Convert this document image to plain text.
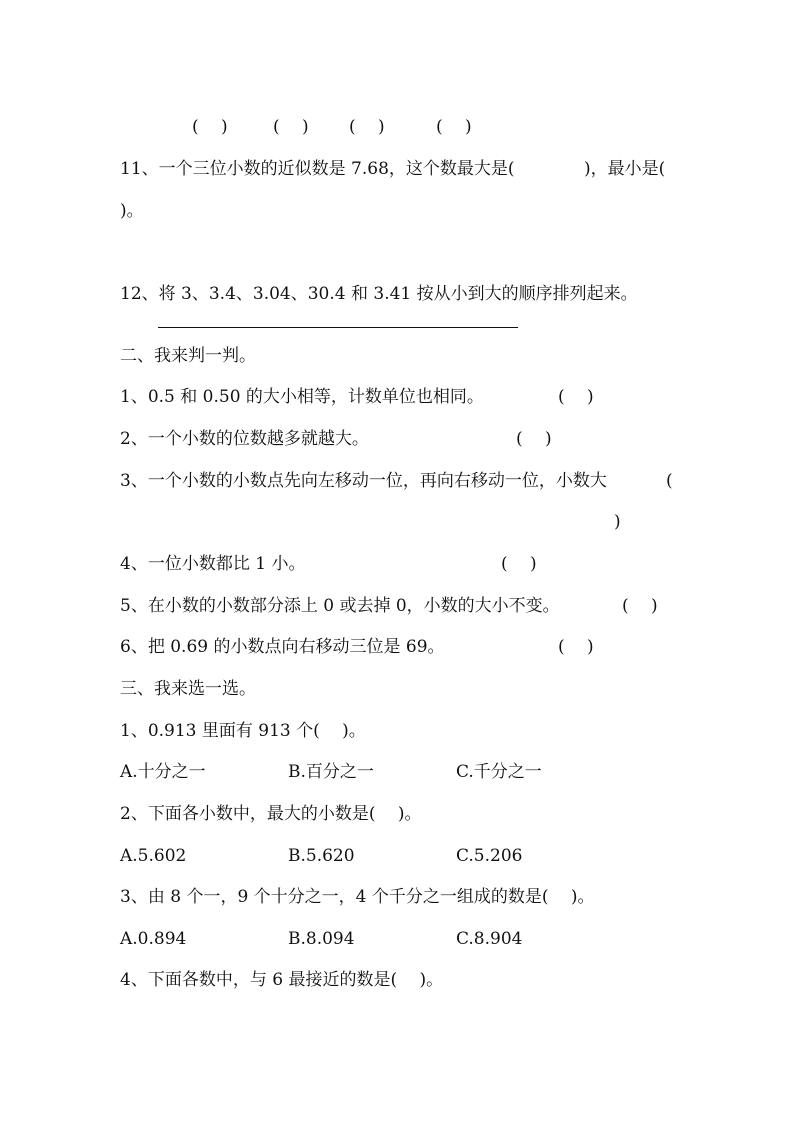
(　 )	(　 ) (　 )	(　 )
11、一个三位小数的近似数是 7.68，这个数最大是(	)，最小是(
)。
12、将 3、3.4、3.04、30.4 和 3.41 按从小到大的顺序排列起来。
二、我来判一判。
1、0.5 和 0.50 的大小相等，计数单位也相同。	(　 )
2、一个小数的位数越多就越大。	(　 )
3、一个小数的小数点先向左移动一位，再向右移动一位，小数大	(
)
4、一位小数都比 1 小。	(　 )
5、在小数的小数部分添上 0 或去掉 0，小数的大小不变。	(　 )
6、把 0.69 的小数点向右移动三位是 69。	(　 )
三、我来选一选。
1、0.913 里面有 913 个(　 )。
A.十分之一	B.百分之一	C.千分之一
2、下面各小数中，最大的小数是(　 )。
A.5.602	B.5.620	C.5.206
3、由 8 个一，9 个十分之一，4 个千分之一组成的数是(　 )。
A.0.894	B.8.094	C.8.904
4、下面各数中，与 6 最接近的数是(　 )。
